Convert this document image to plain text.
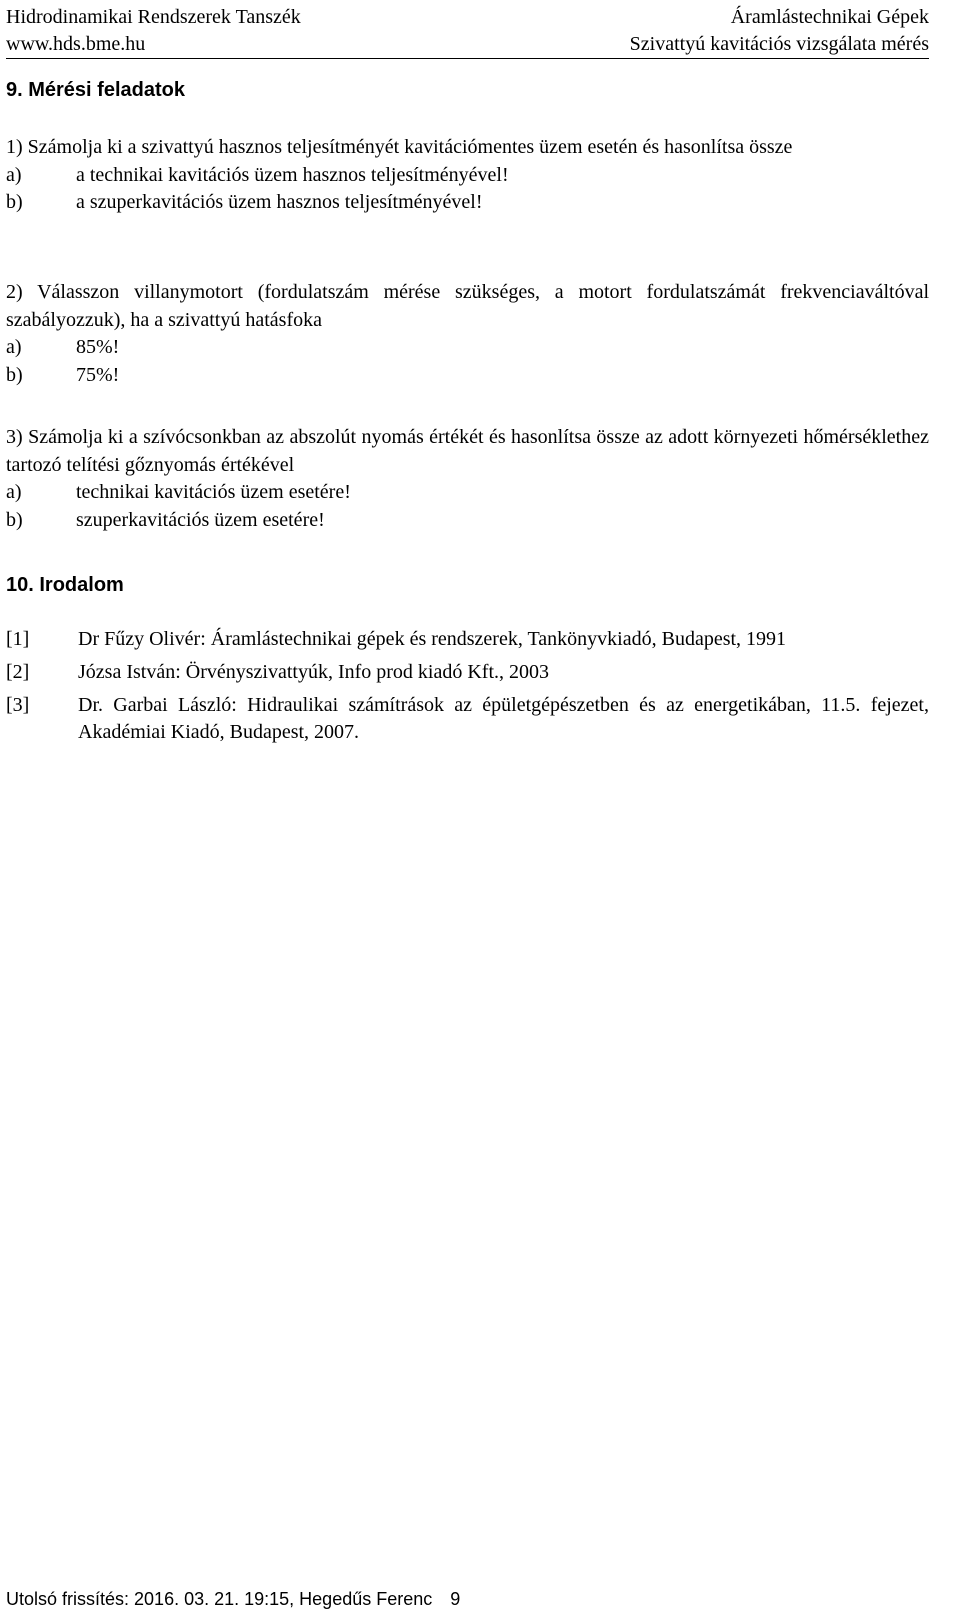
Hidrodinamikai Rendszerek Tanszék
www.hds.bme.hu
Áramlástechnikai Gépek
Szivattyú kavitációs vizsgálata mérés
9. Mérési feladatok

1) Számolja ki a szivattyú hasznos teljesítményét kavitációmentes üzem esetén és hasonlítsa össze

a)	a technikai kavitációs üzem hasznos teljesítményével!
b)	a szuperkavitációs üzem hasznos teljesítményével!

2) Válasszon villanymotort (fordulatszám mérése szükséges, a motort fordulatszámát frekvenciaváltóval szabályozzuk), ha a szivattyú hatásfoka

a)	85%!
b)	75%!

3) Számolja ki a szívócsonkban az abszolút nyomás értékét és hasonlítsa össze az adott környezeti hőmérséklethez tartozó telítési gőznyomás értékével

a)	technikai kavitációs üzem esetére!
b)	szuperkavitációs üzem esetére!
10. Irodalom
[1] Dr Fűzy Olivér: Áramlástechnikai gépek és rendszerek, Tankönyvkiadó, Budapest, 1991
[2] Józsa István: Örvényszivattyúk, Info prod kiadó Kft., 2003
[3] Dr. Garbai László: Hidraulikai számítrások az épületgépészetben és az energetikában, 11.5. fejezet, Akadémiai Kiadó, Budapest, 2007.
Utolsó frissítés: 2016. 03. 21. 19:15, Hegedűs Ferenc 9
